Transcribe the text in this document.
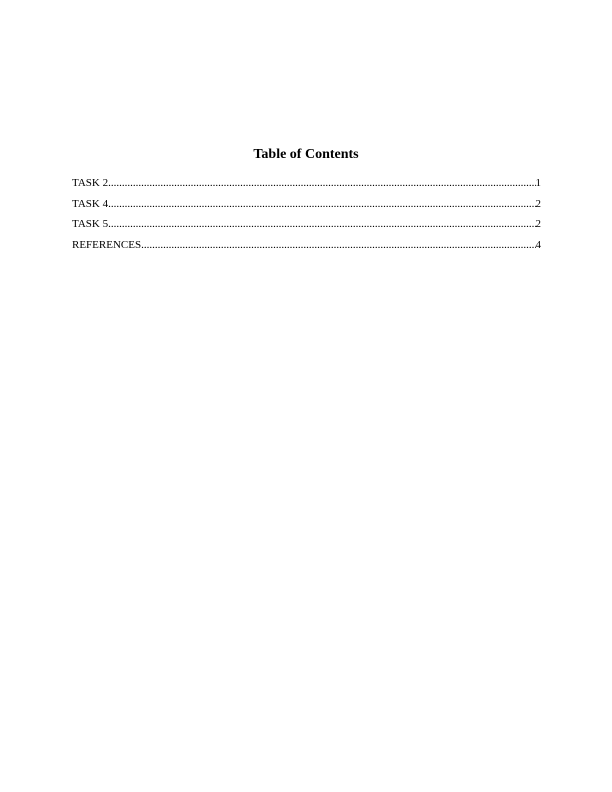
Table of Contents
TASK 2 .....	1
TASK 4 .....	2
TASK 5 .....	2
REFERENCES .....	4
